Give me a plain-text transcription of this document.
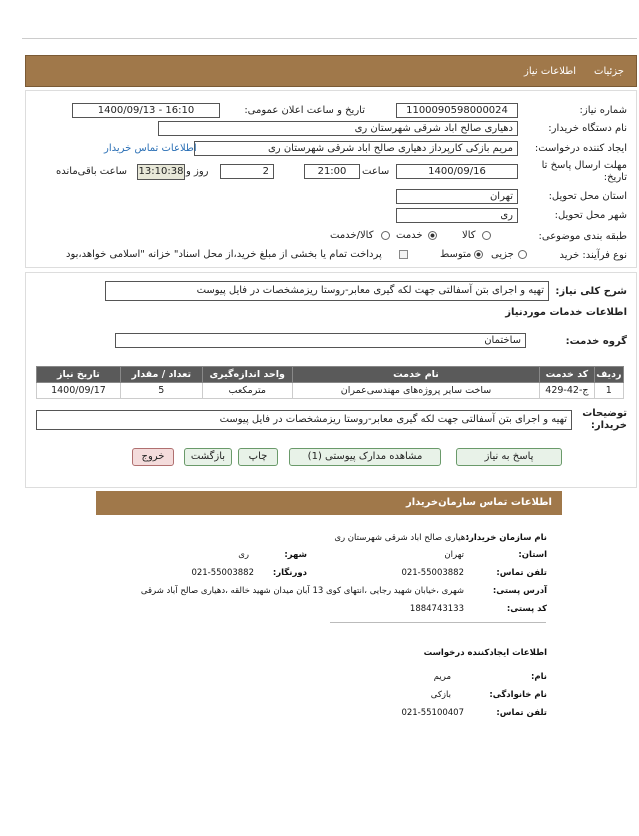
جزئیات
اطلاعات نیاز
شماره نیاز:
1100090598000024
تاریخ و ساعت اعلان عمومی:
1400/09/13 - 16:10
نام دستگاه خریدار:
دهیاری صالح اباد شرقی شهرستان ری
ایجاد کننده درخواست:
مریم بازکی کارپرداز دهیاری صالح اباد شرقی شهرستان ری
اطلاعات تماس خریدار
مهلت ارسال پاسخ تا تاریخ:
1400/09/16
ساعت
21:00
2
روز و
13:10:38
ساعت باقی‌مانده
استان محل تحویل:
تهران
شهر محل تحویل:
ری
طبقه بندی موضوعی:
کالا
خدمت
کالا/خدمت
نوع فرآیند: خرید
جزیی
متوسط
پرداخت تمام یا بخشی از مبلغ خرید،از محل اسناد" خزانه "اسلامی خواهد،بود
شرح کلی نیاز:
تهیه و اجرای بتن آسفالتی جهت لکه گیری معابر-روستا ریزمشخصات در فایل پیوست
اطلاعات خدمات موردنیاز
گروه خدمت:
ساختمان
ردیف	کد خدمت	نام خدمت	واحد اندازه‌گیری	تعداد / مقدار	تاریخ نیاز
1	ج-42-429	ساخت سایر پروژه‌های مهندسی‌عمران	مترمکعب	5	1400/09/17
توضیحات خریدار:
تهیه و اجرای بتن آسفالتی جهت لکه گیری معابر-روستا ریزمشخصات در فایل پیوست
پاسخ به نیاز
مشاهده مدارک پیوستی (1)
چاپ
بازگشت
خروج
اطلاعات تماس سازمان‌خریدار
نام سازمان خریدار:
دهیاری صالح اباد شرقی شهرستان ری
استان:
تهران
شهر:
ری
تلفن تماس:
021-55003882
دورنگار:
021-55003882
آدرس پستی:
شهری ،خیابان شهید رجایی ،انتهای کوی 13 آبان میدان شهید خالقه ،دهیاری صالح آباد شرقی
کد پستی:
1884743133
اطلاعات ایجادکننده درخواست
نام:
مریم
نام خانوادگی:
بازکی
تلفن تماس:
021-55100407
